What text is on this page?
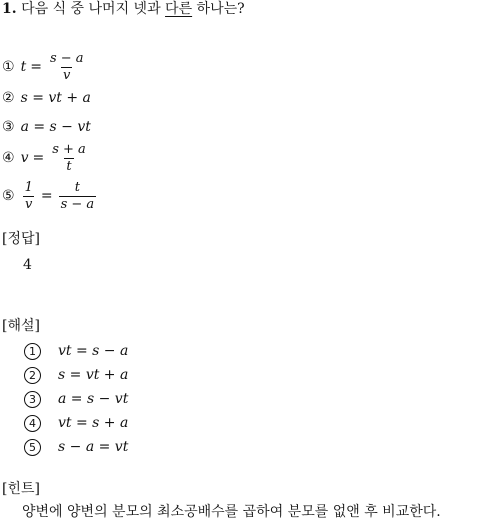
1. 다음 식 중 나머지 넷과 다른 하나는?
① $t = \frac{s - a}{v}$
② s = vt + a
③ a = s − vt
④ $v = \frac{s + a}{t}$
⑤ $\frac{1}{v} = \frac{t}{s - a}$
[정답]
4
[해설]
1	vt = s − a
2	s = vt + a
3	a = s − vt
4	vt = s + a
5	s − a = vt
[힌트]
양변에 양변의 분모의 최소공배수를 곱하여 분모를 없앤 후 비교한다.
